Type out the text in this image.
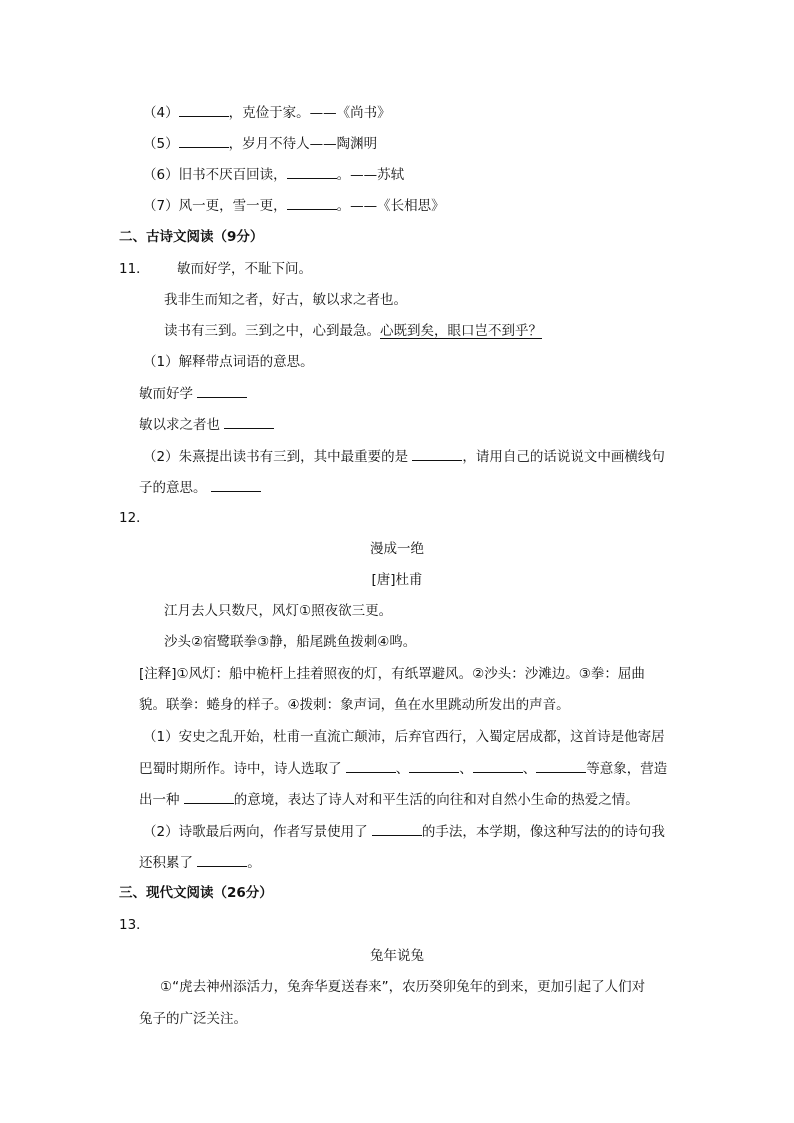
（4）	，克俭于家。——《尚书》
（5）	，岁月不待人——陶渊明
（6）旧书不厌百回读，	。——苏轼
（7）风一更，雪一更，	。——《长相思》
二、古诗文阅读（9分）
11． 敏而好学，不耻下问。
我非生而知之者，好古，敏以求之者也。
读书有三到。三到之中，心到最急。心既到矣，眼口岂不到乎？
（1）解释带点词语的意思。
敏而好学
敏以求之者也
（2）朱熹提出读书有三到，其中最重要的是	，请用自己的话说说文中画横线句
子的意思。
12．
漫成一绝
[唐]杜甫
江月去人只数尺，风灯①照夜欲三更。
沙头②宿鹭联拳③静，船尾跳鱼拨刺④鸣。
[注释]①风灯：船中桅杆上挂着照夜的灯，有纸罩避风。②沙头：沙滩边。③拳：屈曲
貌。联拳：蜷身的样子。④拨刺：象声词，鱼在水里跳动所发出的声音。
（1）安史之乱开始，杜甫一直流亡颠沛，后弃官西行，入蜀定居成都，这首诗是他寄居
巴蜀时期所作。诗中，诗人选取了	、	、	、	等意象，营造
出一种	的意境，表达了诗人对和平生活的向往和对自然小生命的热爱之情。
（2）诗歌最后两向，作者写景使用了	的手法，本学期，像这种写法的的诗句我
还积累了	。
三、现代文阅读（26分）
13．
兔年说兔
①“虎去神州添活力，兔奔华夏送春来”，农历癸卯兔年的到来，更加引起了人们对
兔子的广泛关注。
